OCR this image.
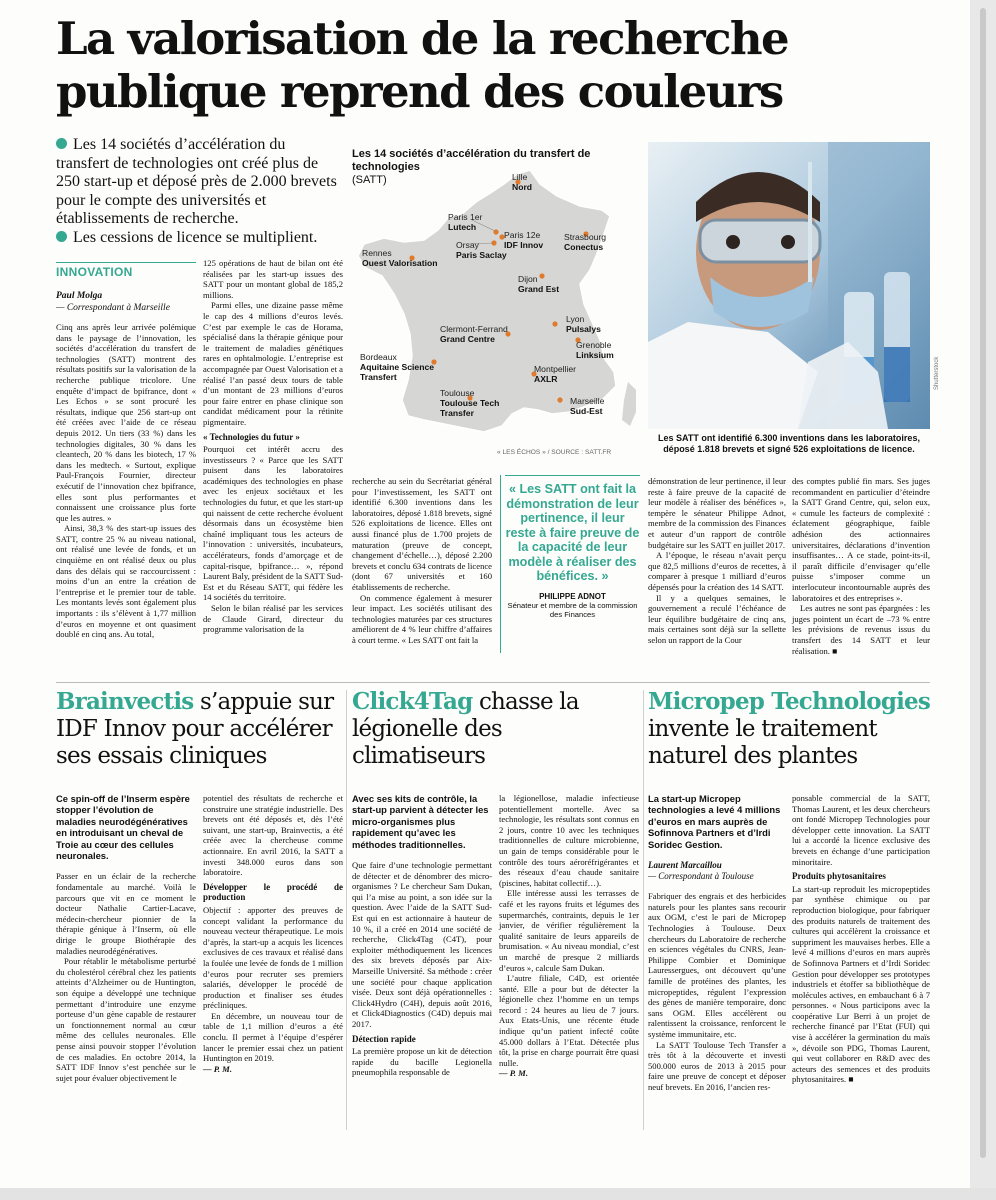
La valorisation de la recherche publique reprend des couleurs

Les 14 sociétés d’accélération du transfert de technologies ont créé plus de 250 start-up et déposé près de 2.000 brevets pour le compte des universités et établissements de recherche.

Les cessions de licence se multiplient.

INNOVATION
Paul Molga
— Correspondant à Marseille

Cinq ans après leur arrivée polémique dans le paysage de l’innovation, les sociétés d’accélération du transfert de technologies (SATT) montrent des résultats positifs sur la valorisation de la recherche publique tricolore. Une enquête d’impact de bpifrance, dont « Les Echos » se sont procuré les résultats, indique que 256 start-up ont été créées avec l’aide de ce réseau depuis 2012. Un tiers (33 %) dans les technologies digitales, 30 % dans les cleantech, 20 % dans les biotech, 17 % dans les medtech. « Surtout, explique Paul-François Fournier, directeur exécutif de l’innovation chez bpifrance, elles sont plus performantes et connaissent une croissance plus forte que les autres. »

Ainsi, 38,3 % des start-up issues des SATT, contre 25 % au niveau national, ont réalisé une levée de fonds, et un cinquième en ont réalisé deux ou plus dans des délais qui se raccourcissent : moins d’un an entre la création de l’entreprise et le premier tour de table. Les montants levés sont également plus importants : ils s’élèvent à 1,77 million d’euros en moyenne et ont quasiment doublé en cinq ans. Au total,

125 opérations de haut de bilan ont été réalisées par les start-up issues des SATT pour un montant global de 185,2 millions.

Parmi elles, une dizaine passe même le cap des 4 millions d’euros levés. C’est par exemple le cas de Horama, spécialisé dans la thérapie génique pour le traitement de maladies génétiques rares en ophtalmologie. L’entreprise est accompagnée par Ouest Valorisation et a réalisé l’an passé deux tours de table d’un montant de 23 millions d’euros pour faire entrer en phase clinique son candidat médicament pour la rétinite pigmentaire.

« Technologies du futur »

Pourquoi cet intérêt accru des investisseurs ? « Parce que les SATT puisent dans les laboratoires académiques des technologies en phase avec les enjeux sociétaux et les technologies du futur, et que les start-up qui naissent de cette recherche évoluent désormais dans un écosystème bien chaîné impliquant tous les acteurs de l’innovation : universités, incubateurs, accélérateurs, fonds d’amorçage et de capital-risque, bpifrance… », répond Laurent Baly, président de la SATT Sud-Est et du Réseau SATT, qui fédère les 14 sociétés du territoire.

Selon le bilan réalisé par les services de Claude Girard, directeur du programme valorisation de la

recherche au sein du Secrétariat général pour l’investissement, les SATT ont identifié 6.300 inventions dans les laboratoires, déposé 1.818 brevets, signé 526 exploitations de licence. Elles ont aussi financé plus de 1.700 projets de maturation (preuve de concept, changement d’échelle…), déposé 2.200 brevets et conclu 634 contrats de licence (dont 67 universités et 160 établissements de recherche.

On commence également à mesurer leur impact. Les sociétés utilisant des technologies maturées par ces structures améliorent de 4 % leur chiffre d’affaires à court terme. « Les SATT ont fait la

« Les SATT ont fait la démonstration de leur pertinence, il leur reste à faire preuve de la capacité de leur modèle à réaliser des bénéfices. »
PHILIPPE ADNOT
Sénateur et membre de la commission des Finances

démonstration de leur pertinence, il leur reste à faire preuve de la capacité de leur modèle à réaliser des bénéfices », tempère le sénateur Philippe Adnot, membre de la commission des Finances et auteur d’un rapport de contrôle budgétaire sur les SATT en juillet 2017.

A l’époque, le réseau n’avait perçu que 82,5 millions d’euros de recettes, à comparer à presque 1 milliard d’euros dépensés pour la création des 14 SATT.

Il y a quelques semaines, le gouvernement a reculé l’échéance de leur équilibre budgétaire de cinq ans, mais certaines sont déjà sur la sellette selon un rapport de la Cour

des comptes publié fin mars. Ses juges recommandent en particulier d’éteindre la SATT Grand Centre, qui, selon eux, « cumule les facteurs de complexité : éclatement géographique, faible adhésion des actionnaires universitaires, déclarations d’invention insuffisantes… A ce stade, point-its-il, il paraît difficile d’envisager qu’elle puisse s’imposer comme un interlocuteur incontournable auprès des laboratoires et des entreprises ».

Les autres ne sont pas épargnées : les juges pointent un écart de –73 % entre les prévisions de revenus issus du transfert des 14 SATT et leur réalisation. ■

Les 14 sociétés d’accélération du transfert de technologies
(SATT)	Lille
Nord
Paris 1er
Lutech
Paris 12e
IDF Innov
Orsay
Paris Saclay
Strasbourg
Conectus
Rennes
Ouest Valorisation
Dijon
Grand Est
Clermont-Ferrand
Grand Centre
Lyon
Pulsalys
Grenoble
Linksium
Bordeaux
Aquitaine Science Transfert
Montpellier
AXLR
Toulouse
Toulouse Tech Transfer
Marseille
Sud-Est
« LES ÉCHOS » / SOURCE : SATT.FR
Shutterstock
Les SATT ont identifié 6.300 inventions dans les laboratoires, déposé 1.818 brevets et signé 526 exploitations de licence.
Brainvectis s’appuie sur IDF Innov pour accélérer ses essais cliniques
Ce spin-off de l’Inserm espère stopper l’évolution de maladies neurodégénératives en introduisant un cheval de Troie au cœur des cellules neuronales.

Passer en un éclair de la recherche fondamentale au marché. Voilà le parcours que vit en ce moment le docteur Nathalie Cartier-Lacave, médecin-chercheur pionnier de la thérapie génique à l’Inserm, où elle dirige le groupe Biothérapie des maladies neurodégénératives.

Pour rétablir le métabolisme perturbé du cholestérol cérébral chez les patients atteints d’Alzheimer ou de Huntington, son équipe a développé une technique permettant d’introduire une enzyme porteuse d’un gène capable de restaurer un fonctionnement normal au cœur même des cellules neuronales. Elle pense ainsi pouvoir stopper l’évolution de ces maladies. En octobre 2014, la SATT IDF Innov s’est penchée sur le sujet pour évaluer objectivement le

potentiel des résultats de recherche et construire une stratégie industrielle. Des brevets ont été déposés et, dès l’été suivant, une start-up, Brainvectis, a été créée avec la chercheuse comme actionnaire. En avril 2016, la SATT a investi 348.000 euros dans son laboratoire.

Développer le procédé de production

Objectif : apporter des preuves de concept validant la performance du nouveau vecteur thérapeutique. Le mois d’après, la start-up a acquis les licences exclusives de ces travaux et réalisé dans la foulée une levée de fonds de 1 million d’euros pour recruter ses premiers salariés, développer le procédé de production et finaliser ses études précliniques.

En décembre, un nouveau tour de table de 1,1 million d’euros a été conclu. Il permet à l’équipe d’espérer lancer le premier essai chez un patient Huntington en 2019.

— P. M.
Click4Tag chasse la légionelle des climatiseurs
Avec ses kits de contrôle, la start-up parvient à détecter les micro-organismes plus rapidement qu’avec les méthodes traditionnelles.

Que faire d’une technologie permettant de détecter et de dénombrer des micro-organismes ? Le chercheur Sam Dukan, qui l’a mise au point, a son idée sur la question. Avec l’aide de la SATT Sud-Est qui en est actionnaire à hauteur de 10 %, il a créé en 2014 une société de recherche, Click4Tag (C4T), pour exploiter méthodiquement les licences des six brevets déposés par Aix-Marseille Université. Sa méthode : créer une société pour chaque application visée. Deux sont déjà opérationnelles : Click4Hydro (C4H), depuis août 2016, et Click4Diagnostics (C4D) depuis mai 2017.

Détection rapide

La première propose un kit de détection rapide du bacille Legionella pneumophila responsable de

la légionellose, maladie infectieuse potentiellement mortelle. Avec sa technologie, les résultats sont connus en 2 jours, contre 10 avec les techniques traditionnelles de culture microbienne, un gain de temps considérable pour le contrôle des tours aéroréfrigérantes et des réseaux d’eau chaude sanitaire (piscines, habitat collectif…).

Elle intéresse aussi les terrasses de café et les rayons fruits et légumes des supermarchés, contraints, depuis le 1er janvier, de vérifier régulièrement la qualité sanitaire de leurs appareils de brumisation. « Au niveau mondial, c’est un marché de presque 2 milliards d’euros », calcule Sam Dukan.

L’autre filiale, C4D, est orientée santé. Elle a pour but de détecter la légionelle chez l’homme en un temps record : 24 heures au lieu de 7 jours. Aux Etats-Unis, une récente étude indique qu’un patient infecté coûte 45.000 dollars à l’Etat. Détectée plus tôt, la prise en charge pourrait être quasi nulle.

— P. M.
Micropep Technologies invente le traitement naturel des plantes
La start-up Micropep technologies a levé 4 millions d’euros en mars auprès de Sofinnova Partners et d’Irdi Soridec Gestion.
Laurent Marcaillou
— Correspondant à Toulouse

Fabriquer des engrais et des herbicides naturels pour les plantes sans recourir aux OGM, c’est le pari de Micropep Technologies à Toulouse. Deux chercheurs du Laboratoire de recherche en sciences végétales du CNRS, Jean-Philippe Combier et Dominique Lauressergues, ont découvert qu’une famille de protéines des plantes, les micropeptides, régulent l’expression des gènes de manière temporaire, donc sans OGM. Elles accélèrent ou ralentissent la croissance, renforcent le système immunitaire, etc.

La SATT Toulouse Tech Transfer a très tôt à la découverte et investi 500.000 euros de 2013 à 2015 pour faire une preuve de concept et déposer neuf brevets. En 2016, l’ancien res-

ponsable commercial de la SATT, Thomas Laurent, et les deux chercheurs ont fondé Micropep Technologies pour développer cette innovation. La SATT lui a accordé la licence exclusive des brevets en échange d’une participation minoritaire.

Produits phytosanitaires

La start-up reproduit les micropeptides par synthèse chimique ou par reproduction biologique, pour fabriquer des produits naturels de traitement des cultures qui accélèrent la croissance et suppriment les mauvaises herbes. Elle a levé 4 millions d’euros en mars auprès de Sofinnova Partners et d’Irdi Soridec Gestion pour développer ses prototypes industriels et étoffer sa bibliothèque de molécules actives, en embauchant 6 à 7 personnes. « Nous participons avec la coopérative Lur Berri à un projet de recherche financé par l’Etat (FUI) qui vise à accélérer la germination du maïs », dévoile son PDG, Thomas Laurent, qui veut collaborer en R&D avec des acteurs des semences et des produits phytosanitaires. ■
